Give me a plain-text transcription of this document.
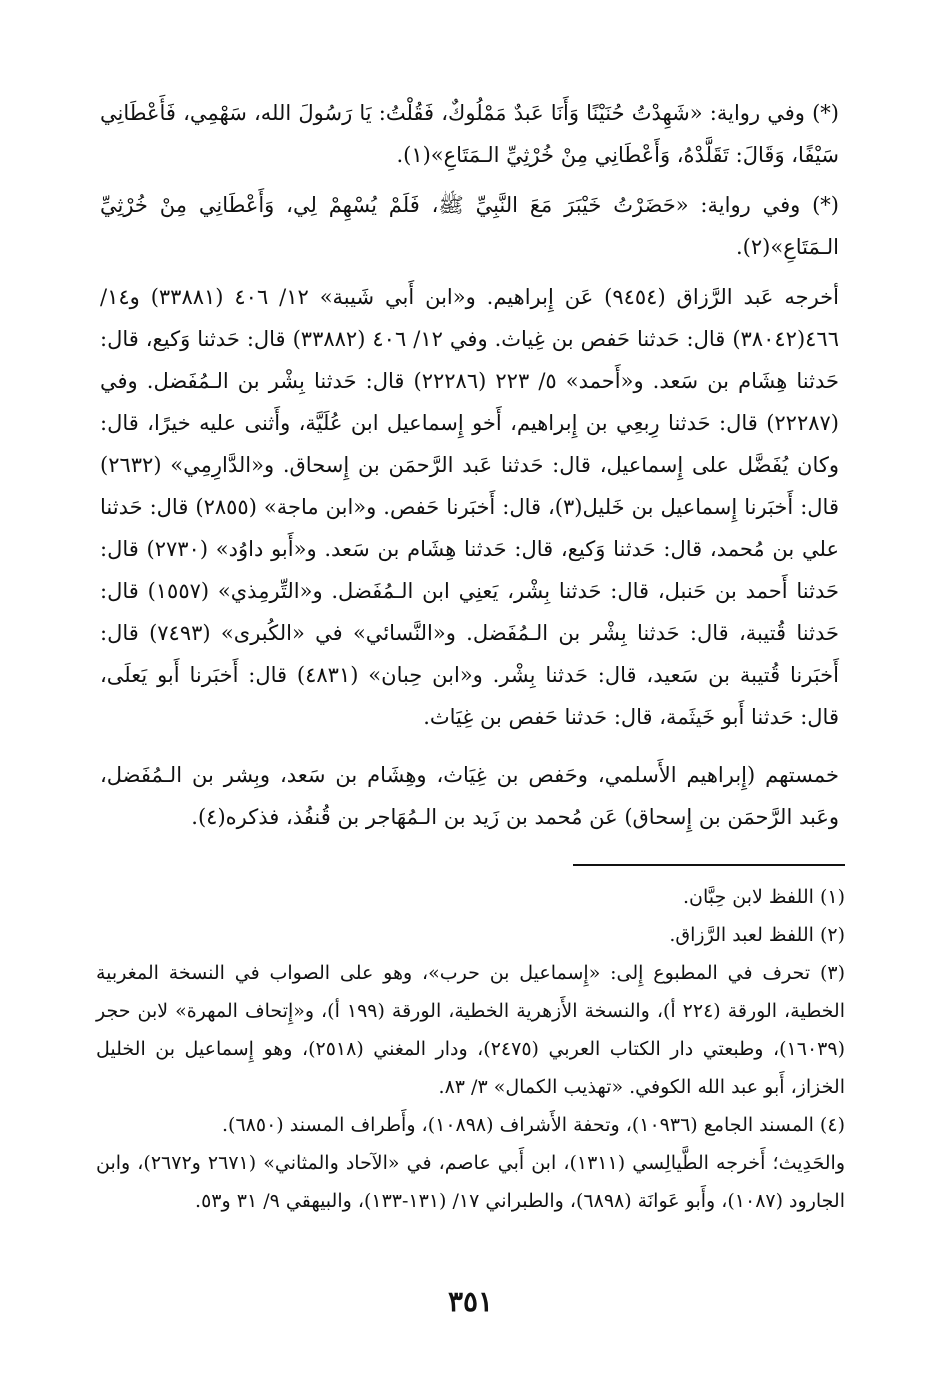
(*) وفي رواية: «شَهِدْتُ حُنَيْنًا وَأَنَا عَبدٌ مَمْلُوكٌ، فَقُلْتُ: يَا رَسُولَ الله، سَهْمِي، فَأَعْطَانِي سَيْفًا، وَقَالَ: تَقَلَّدْهُ، وَأَعْطَانِي مِنْ خُرْثِيِّ الـمَتَاعِ»(١).

(*) وفي رواية: «حَضَرْتُ خَيْبَرَ مَعَ النَّبِيِّ ﷺ، فَلَمْ يُسْهِمْ لِي، وَأَعْطَانِي مِنْ خُرْثِيِّ الـمَتَاعِ»(٢).

أخرجه عَبد الرَّزاق (٩٤٥٤) عَن إِبراهيم. و«ابن أَبي شَيبة» ١٢/ ٤٠٦ (٣٣٨٨١) و١٤/ ٤٦٦(٣٨٠٤٢) قال: حَدثنا حَفص بن غِياث. وفي ١٢/ ٤٠٦ (٣٣٨٨٢) قال: حَدثنا وَكيع، قال: حَدثنا هِشَام بن سَعد. و«أَحمد» ٥/ ٢٢٣ (٢٢٢٨٦) قال: حَدثنا بِشْر بن الـمُفَضل. وفي (٢٢٢٨٧) قال: حَدثنا رِبعِي بن إِبراهيم، أَخو إِسماعيل ابن عُلَيَّة، وأَثنى عليه خيرًا، قال: وكان يُفَضَّل على إِسماعيل، قال: حَدثنا عَبد الرَّحمَن بن إِسحاق. و«الدَّارِمِي» (٢٦٣٢) قال: أَخبَرنا إِسماعيل بن خَليل(٣)، قال: أَخبَرنا حَفص. و«ابن ماجة» (٢٨٥٥) قال: حَدثنا علي بن مُحمد، قال: حَدثنا وَكيع، قال: حَدثنا هِشَام بن سَعد. و«أَبو داوُد» (٢٧٣٠) قال: حَدثنا أَحمد بن حَنبل، قال: حَدثنا بِشْر، يَعنِي ابن الـمُفَضل. و«التِّرمِذي» (١٥٥٧) قال: حَدثنا قُتيبة، قال: حَدثنا بِشْر بن الـمُفَضل. و«النَّسائي» في «الكُبرى» (٧٤٩٣) قال: أَخبَرنا قُتيبة بن سَعيد، قال: حَدثنا بِشْر. و«ابن حِبان» (٤٨٣١) قال: أَخبَرنا أَبو يَعلَى، قال: حَدثنا أَبو خَيثَمة، قال: حَدثنا حَفص بن غِيَاث.

خمستهم (إِبراهيم الأَسلمي، وحَفص بن غِيَاث، وهِشَام بن سَعد، وبِشر بن الـمُفَضل، وعَبد الرَّحمَن بن إِسحاق) عَن مُحمد بن زَيد بن الـمُهَاجر بن قُنفُذ، فذكره(٤).

(١) اللفظ لابن حِبَّان.

(٢) اللفظ لعبد الرَّزاق.

(٣) تحرف في المطبوع إِلى: «إِسماعيل بن حرب»، وهو على الصواب في النسخة المغربية الخطية، الورقة (٢٢٤ أ)، والنسخة الأَزهرية الخطية، الورقة (١٩٩ أ)، و«إِتحاف المهرة» لابن حجر (١٦٠٣٩)، وطبعتي دار الكتاب العربي (٢٤٧٥)، ودار المغني (٢٥١٨)، وهو إِسماعيل بن الخليل الخزاز، أَبو عبد الله الكوفي. «تهذيب الكمال» ٣/ ٨٣.

(٤) المسند الجامع (١٠٩٣٦)، وتحفة الأَشراف (١٠٨٩٨)، وأَطراف المسند (٦٨٥٠).

والحَدِيث؛ أَخرجه الطَّيالِسي (١٣١١)، ابن أَبي عاصم، في «الآحاد والمثاني» (٢٦٧١ و٢٦٧٢)، وابن الجارود (١٠٨٧)، وأَبو عَوانَة (٦٨٩٨)، والطبراني ١٧/ (١٣١-١٣٣)، والبيهقي ٩/ ٣١ و٥٣.

٣٥١
